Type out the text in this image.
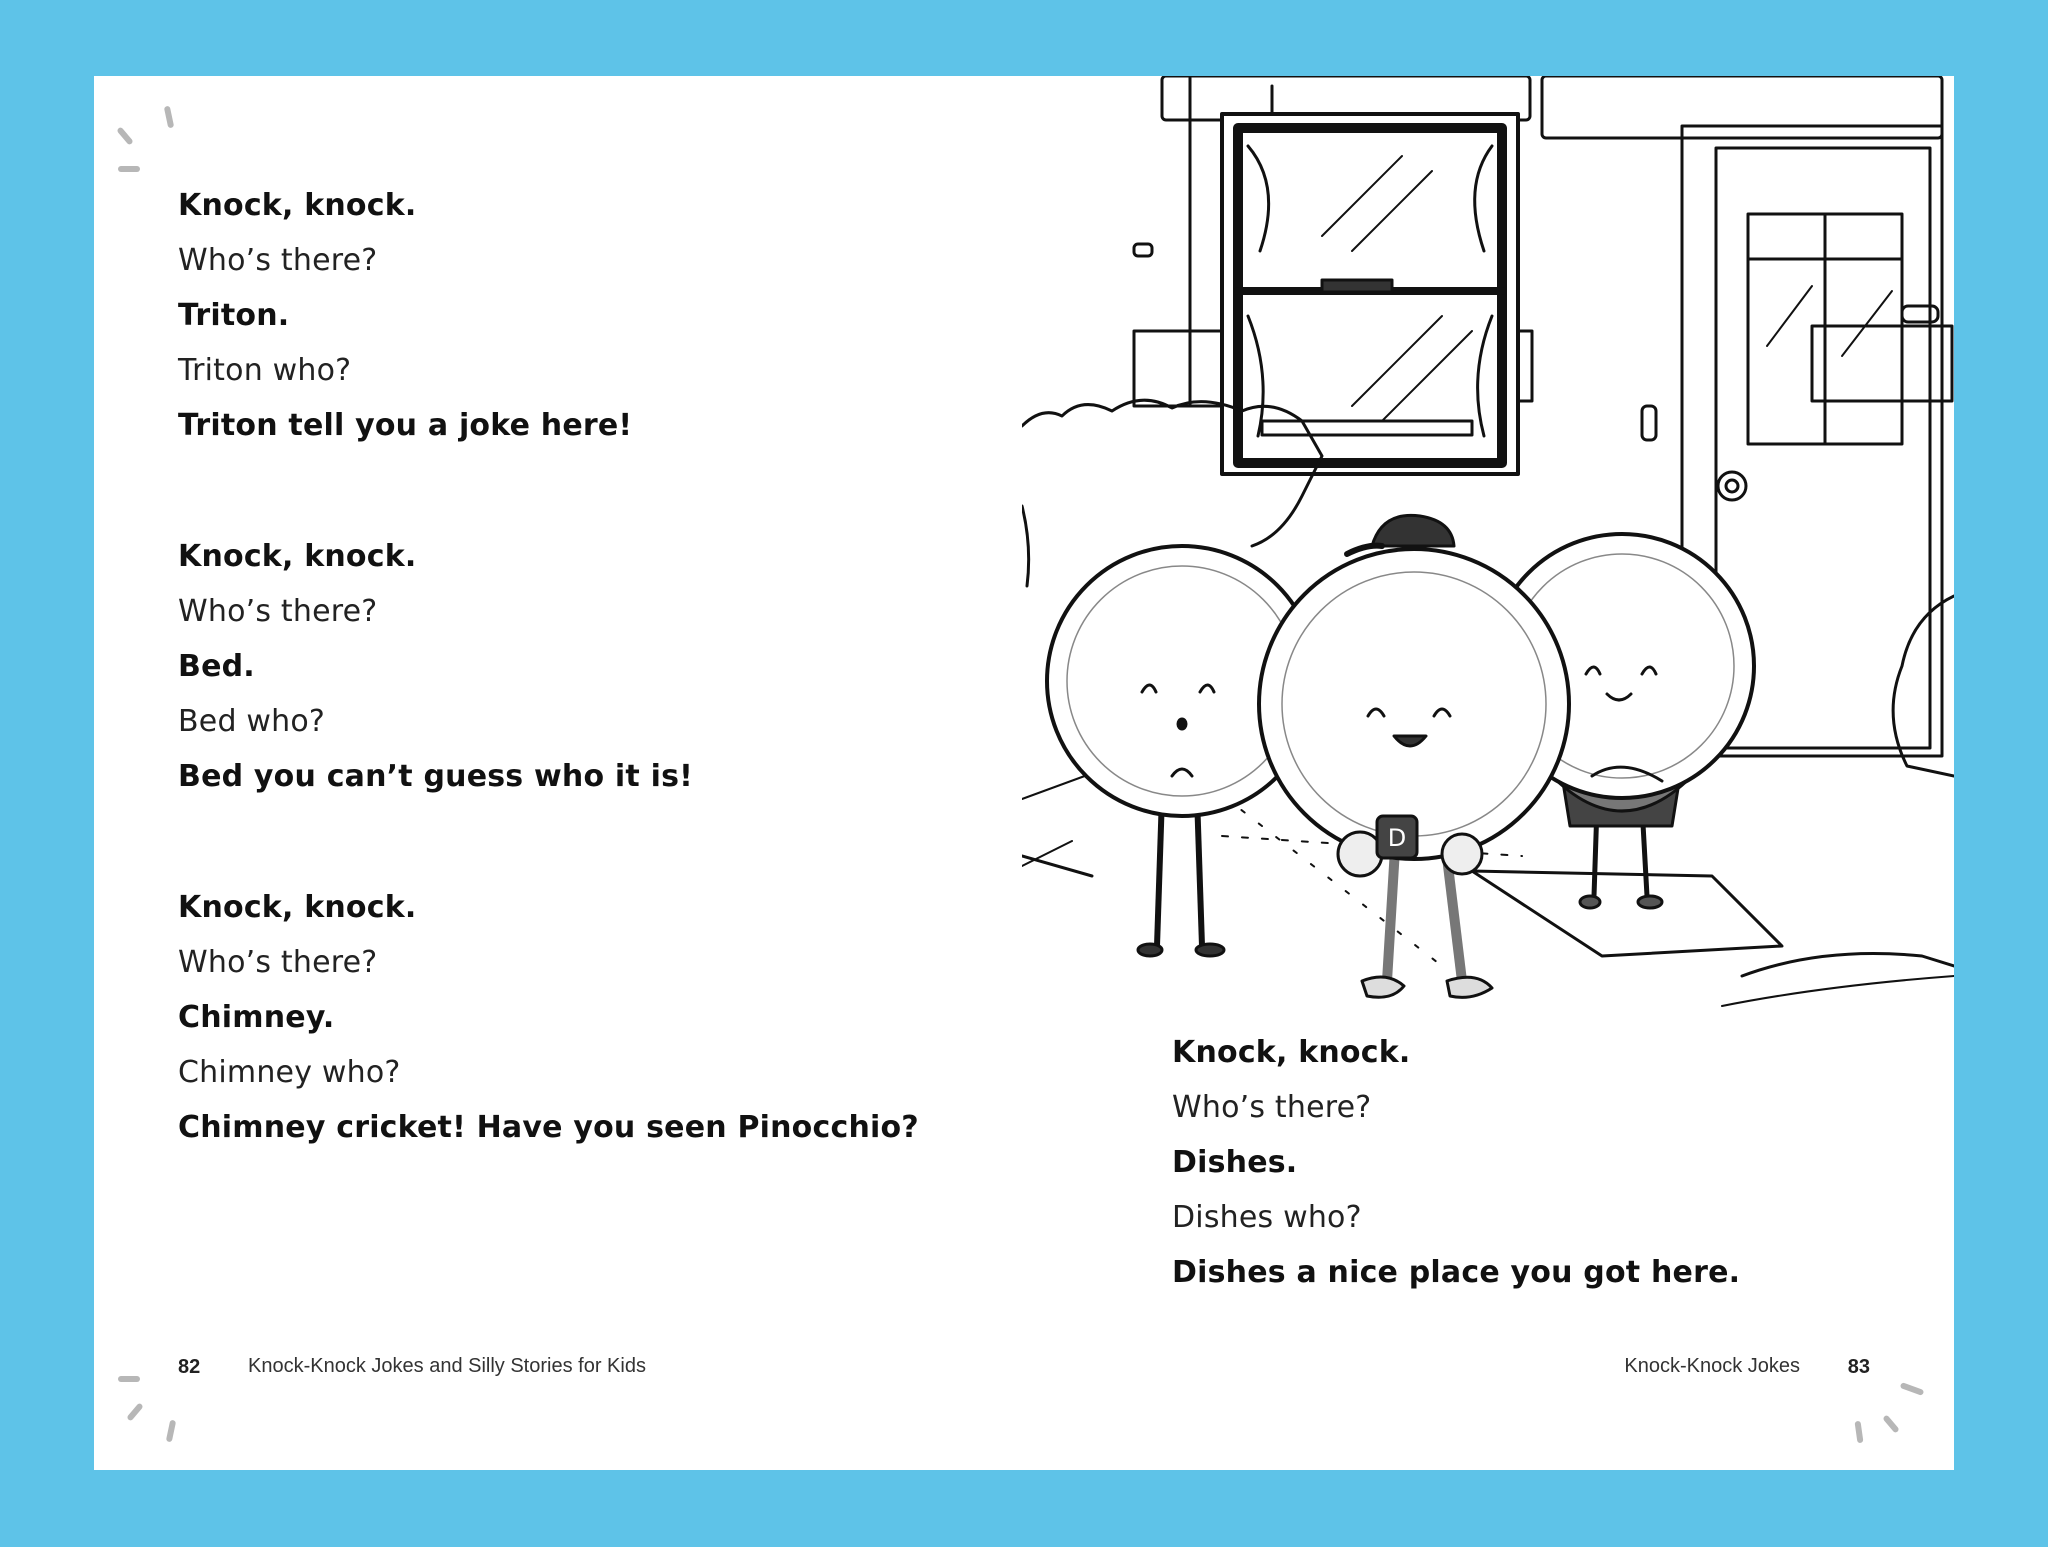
Knock, knock.
Who’s there?
Triton.
Triton who?
Triton tell you a joke here!
Knock, knock.
Who’s there?
Bed.
Bed who?
Bed you can’t guess who it is!
Knock, knock.
Who’s there?
Chimney.
Chimney who?
Chimney cricket! Have you seen Pinocchio?
D
Knock, knock.
Who’s there?
Dishes.
Dishes who?
Dishes a nice place you got here.
82 Knock-Knock Jokes and Silly Stories for Kids	Knock-Knock Jokes 83
